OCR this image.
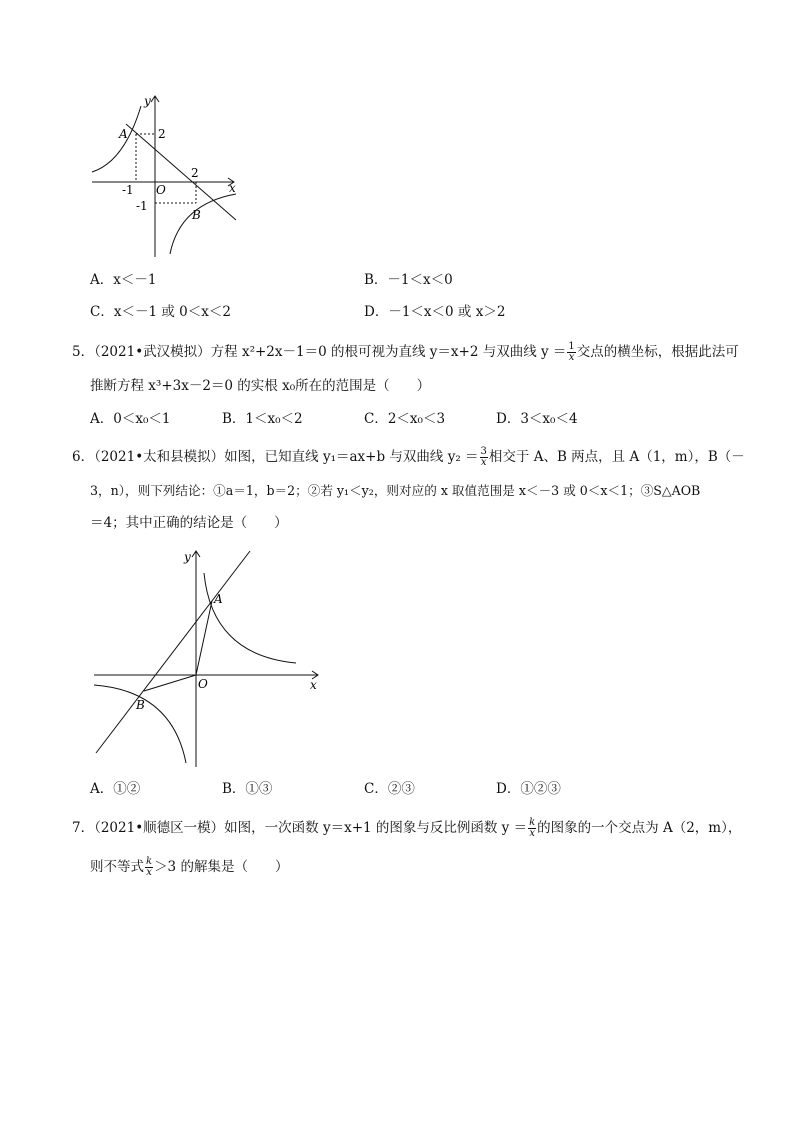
y
x
O
A
B
2
-1
2
-1
A．x＜－1	B．－1＜x＜0
C．x＜－1 或 0＜x＜2	D．－1＜x＜0 或 x＞2
5．（2021•武汉模拟）方程 x²+2x－1＝0 的根可视为直线 y＝x+2 与双曲线 $y = \frac{1}{x}$ 交点的横坐标，根据此法可
推断方程 x³+3x－2＝0 的实根 x₀所在的范围是（　　）
A．0＜x₀＜1	B．1＜x₀＜2	C．2＜x₀＜3	D．3＜x₀＜4
6．（2021•太和县模拟）如图，已知直线 y₁＝ax+b 与双曲线 $y_2 = \frac{3}{x}$ 相交于 A、B 两点，且 A（1，m），B（－
3，n），则下列结论：①a＝1，b＝2；②若 y₁＜y₂，则对应的 x 取值范围是 x＜－3 或 0＜x＜1；③S△AOB
＝4；其中正确的结论是（　　）
y
x
O
A
B
A．①②	B．①③	C．②③	D．①②③
7．（2021•顺德区一模）如图，一次函数 y＝x+1 的图象与反比例函数 $y = \frac{k}{x}$ 的图象的一个交点为 A（2，m），
则不等式 $\frac{k}{x} >3$ 的解集是（　　）
